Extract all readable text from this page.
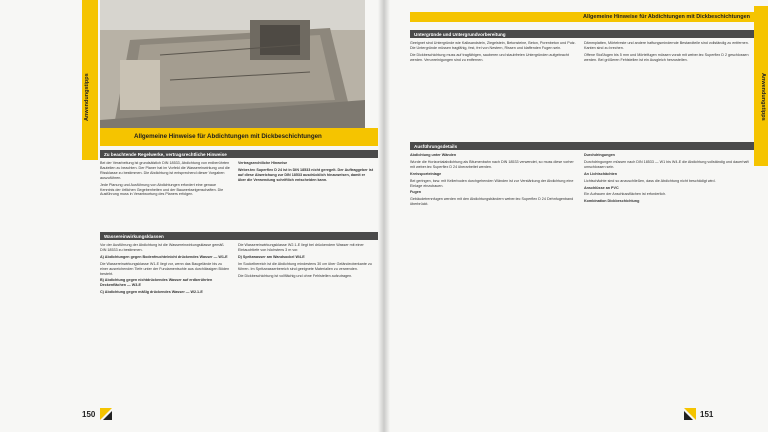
Anwendungstipps
Allgemeine Hinweise für Abdichtungen mit Dickbeschichtungen
Zu beachtende Regelwerke, vertragsrechtliche Hinweise

Bei der Verarbeitung ist grundsätzlich DIN 18533, Abdichtung von erdberührten Bauteilen zu beachten. Der Planer hat im Vorfeld die Wassereinwirkung und die Rissklasse zu bestimmen. Die Abdichtung ist entsprechend dieser Vorgaben auszuführen.

Jede Planung und Ausführung von Abdichtungen erfordert eine genaue Kenntnis der örtlichen Gegebenheiten und der Bauwerkseigenschaften. Die Ausführung muss in Verantwortung des Planers erfolgen.

Vertragsrechtliche Hinweise

Weber.tec Superflex D 24 ist in DIN 18533 nicht geregelt. Der Auftraggeber ist auf diese Abweichung zur DIN 18533 ausdrücklich hinzuweisen, damit er über die Verwendung schriftlich entscheiden kann.

Wassereinwirkungsklassen

Vor der Ausführung der Abdichtung ist die Wassereinwirkungsklasse gemäß DIN 18533 zu bestimmen.

A) Abdichtungen gegen Bodenfeuchte/nicht drückendes Wasser — W1-E

Die Wassereinwirkungsklasse W1-E liegt vor, wenn das Baugelände bis zu einer ausreichenden Tiefe unter der Fundamentsohle aus durchlässigen Böden besteht.

B) Abdichtung gegen nichtdrückendes Wasser auf erdberührten Deckenflächen — W3-E

C) Abdichtung gegen mäßig drückendes Wasser — W2.1-E

Die Wassereinwirkungsklasse W2.1-E liegt bei drückendem Wasser mit einer Eintauchtiefe von höchstens 3 m vor.

D) Spritzwasser am Wandsockel W4-E

Im Sockelbereich ist die Abdichtung mindestens 30 cm über Geländeoberkante zu führen. Im Spritzwasserbereich sind geeignete Materialien zu verwenden.

Die Dickbeschichtung ist vollflächig und ohne Fehlstellen aufzutragen.

150
Anwendungstipps
Allgemeine Hinweise für Abdichtungen mit Dickbeschichtungen
Untergründe und Untergrundvorbereitung

Geeignet sind Untergründe wie Kalksandstein, Ziegelstein, Betonsteine, Beton, Porenbeton und Putz. Die Untergründe müssen tragfähig, fest, frei von Nestern, Rissen und klaffenden Fugen sein.

Die Dickbeschichtung muss auf tragfähigen, sauberen und staubfreien Untergründen aufgebracht werden. Verunreinigungen sind zu entfernen.

Dämmplatten, Mörtelreste und andere haftungsmindernde Bestandteile sind vollständig zu entfernen. Kanten sind zu brechen.

Offene Stoßfugen bis 5 mm und Mörtelfugen müssen vorab mit weber.tec Superflex D 2 geschlossen werden. Bei größeren Fehlstellen ist ein Ausgleich herzustellen.

Ausführungsdetails

Abdichtung unter Wänden

Wurde die Horizontalabdichtung als Bitumenbahn nach DIN 18533 verwendet, so muss diese vorher mit weber.tec Superflex D 24 überarbeitet werden.

Kreissporteinlage

Bei geringen, bzw. mit Kellerboden durchgehenden Wänden ist zur Verstärkung der Abdichtung eine Einlage einzubauen.

Fugen

Gebäudetrennfugen werden mit den Abdichtungsbändern weber.tec Superflex D 24 Dehnfugenband überbrückt.

Durchdringungen

Durchdringungen müssen nach DIN 18533 — W1 bis W4-E die Abdichtung vollständig und dauerhaft umschlossen sein.

An Lichtschächten

Lichtschächte sind so anzuschließen, dass die Abdichtung nicht beschädigt wird.

Anschlüsse an PVC

Ein Aufrauen der Anschlussflächen ist erforderlich.

Kombination Dickbeschichtung

151
